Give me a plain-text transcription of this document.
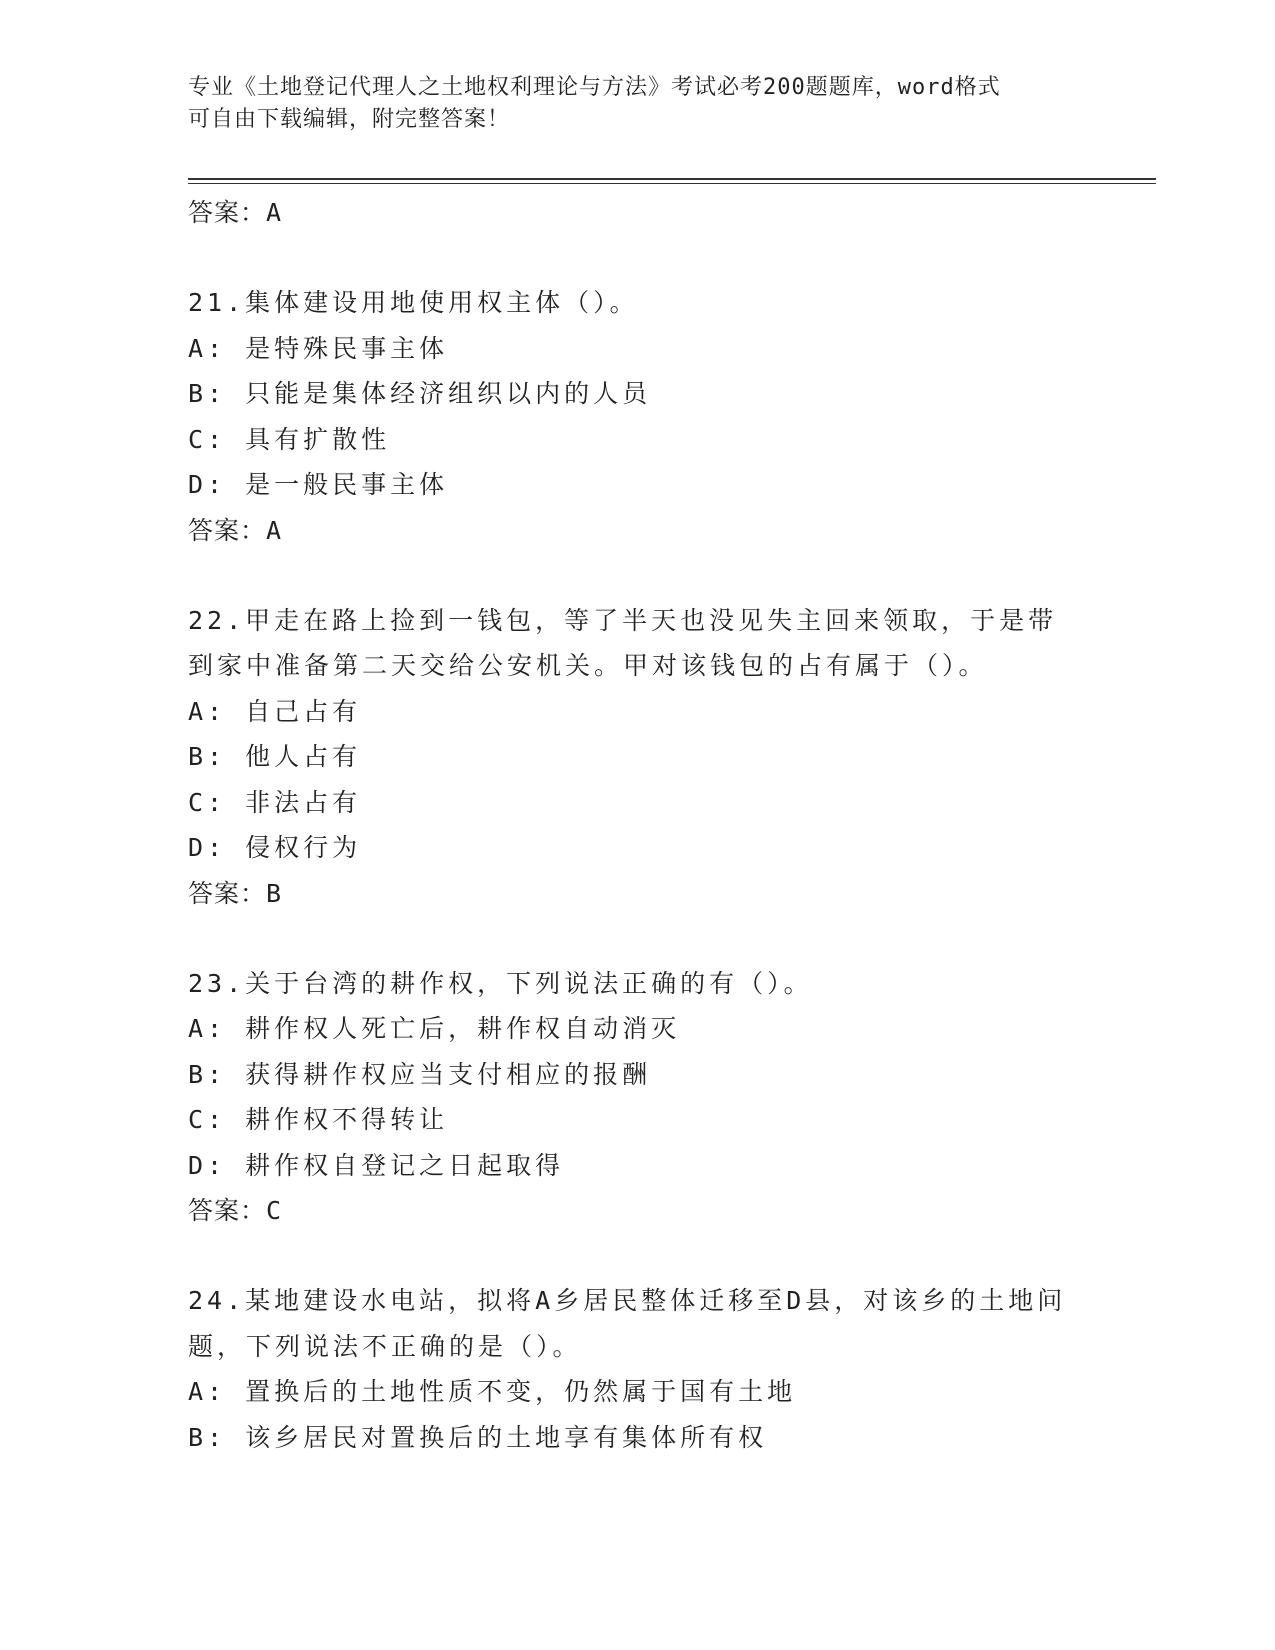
专业《土地登记代理人之土地权利理论与方法》考试必考200题题库，word格式
可自由下载编辑，附完整答案！
答案：A
21.集体建设用地使用权主体（）。
A: 是特殊民事主体
B: 只能是集体经济组织以内的人员
C: 具有扩散性
D: 是一般民事主体
答案：A
22.甲走在路上捡到一钱包，等了半天也没见失主回来领取，于是带到家中准备第二天交给公安机关。甲对该钱包的占有属于（）。
A: 自己占有
B: 他人占有
C: 非法占有
D: 侵权行为
答案：B
23.关于台湾的耕作权，下列说法正确的有（）。
A: 耕作权人死亡后，耕作权自动消灭
B: 获得耕作权应当支付相应的报酬
C: 耕作权不得转让
D: 耕作权自登记之日起取得
答案：C
24.某地建设水电站，拟将A乡居民整体迁移至D县，对该乡的土地问题，下列说法不正确的是（）。
A: 置换后的土地性质不变，仍然属于国有土地
B: 该乡居民对置换后的土地享有集体所有权
